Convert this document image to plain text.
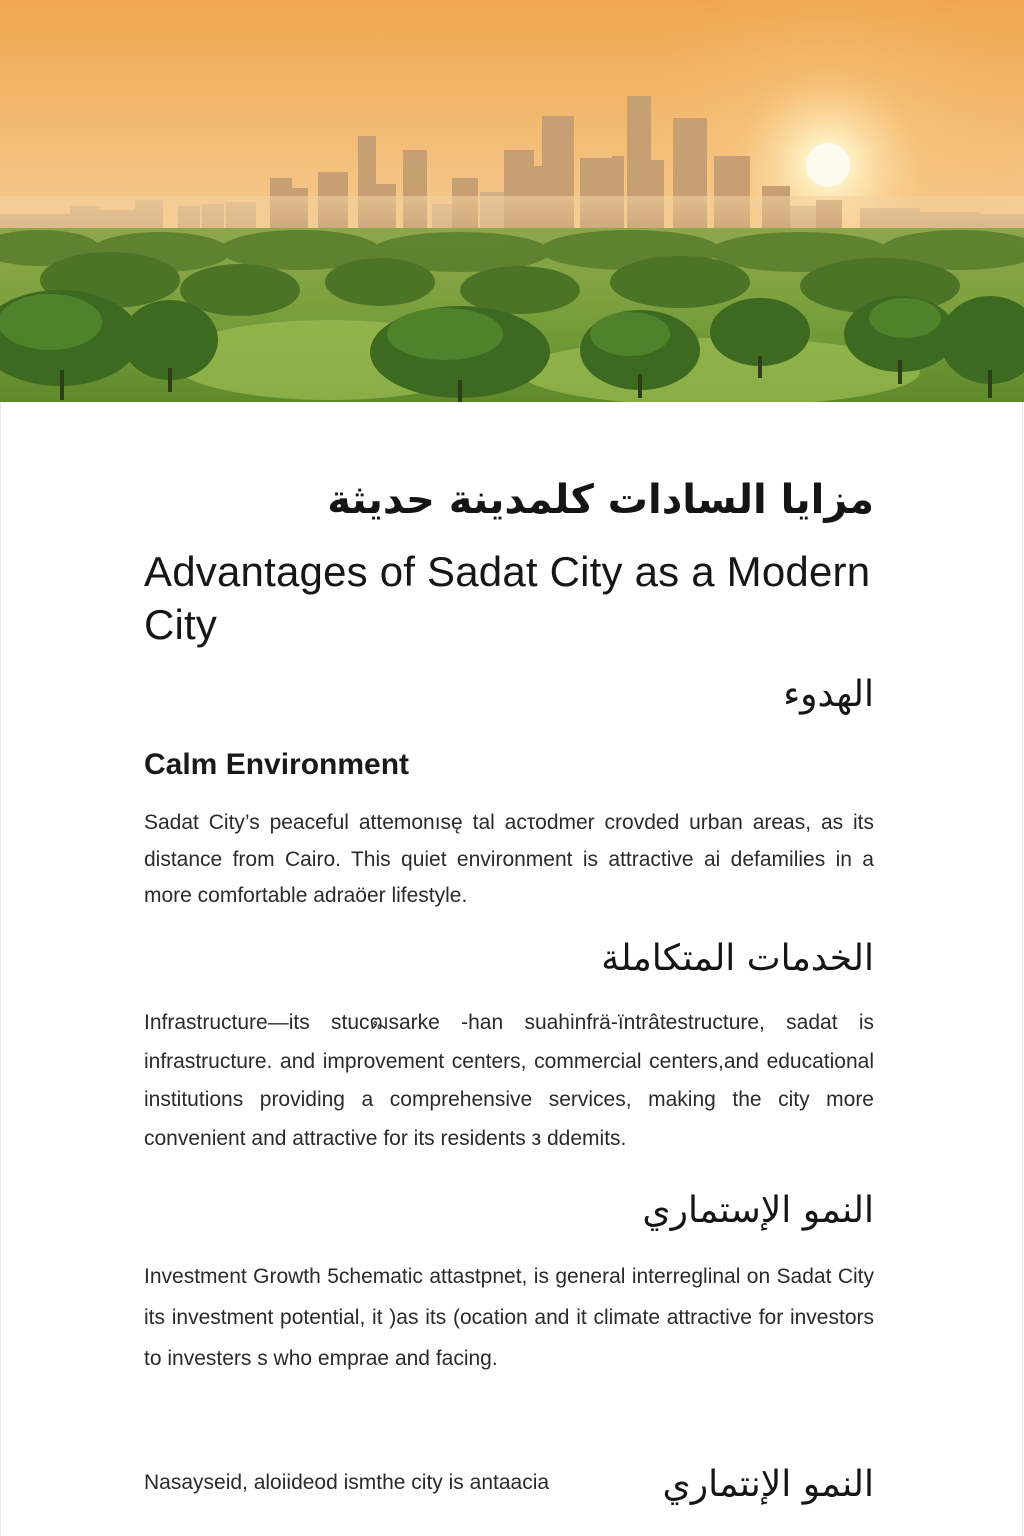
مزايا السادات كلمدينة حديثة
Advantages of Sadat City as a Modern City
الهدوء
Calm Environment
Sadat City’s peaceful attemonısę tal acτodmer crovded urban areas, as its distance from Cairo. This quiet environment is attractive ai defamilies in a more comfortable adraöer lifestyle.
الخدمات المتكاملة
Infrastructure—its stucฒsarke -han suahinfrä-ïntrâtestructure, sadat is infrastructure. and improvement centers, commercial centers,and educational institutions providing a comprehensive services, making the city more convenient and attractive for its residents з ddemits.
النمو الإستماري
Investment Growth 5chematic attastpnet, is general interreglinal on Sadat City its investment potential, it )as its (ocation and it climate attractive for investors to investers s who emprae and facing.
Nasayseid, aloiideod ismthe city is antaacia	النمو الإنتماري
